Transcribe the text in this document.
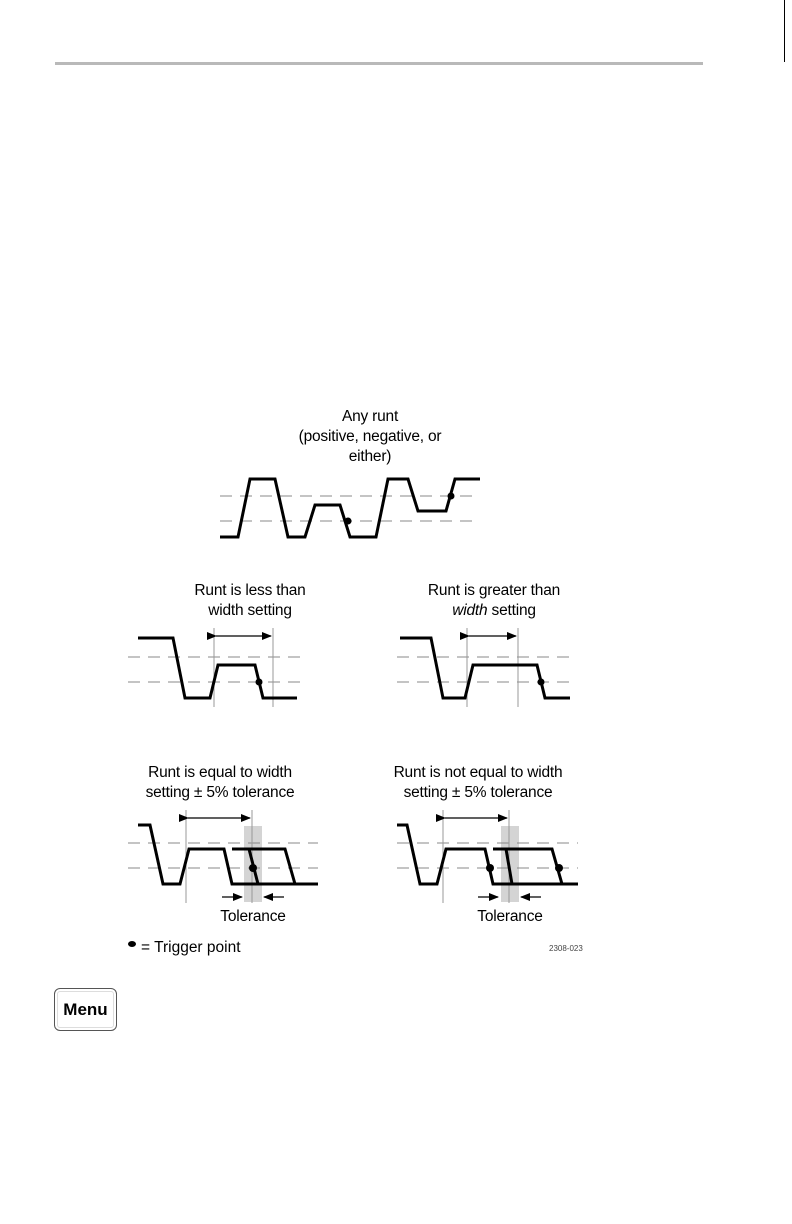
Any runt
(positive, negative, or
either)
Runt is less than
width setting
Runt is greater than
width setting
Runt is equal to width
setting ± 5% tolerance
Runt is not equal to width
setting ± 5% tolerance
Tolerance	Tolerance
= Trigger point	2308-023
Menu
